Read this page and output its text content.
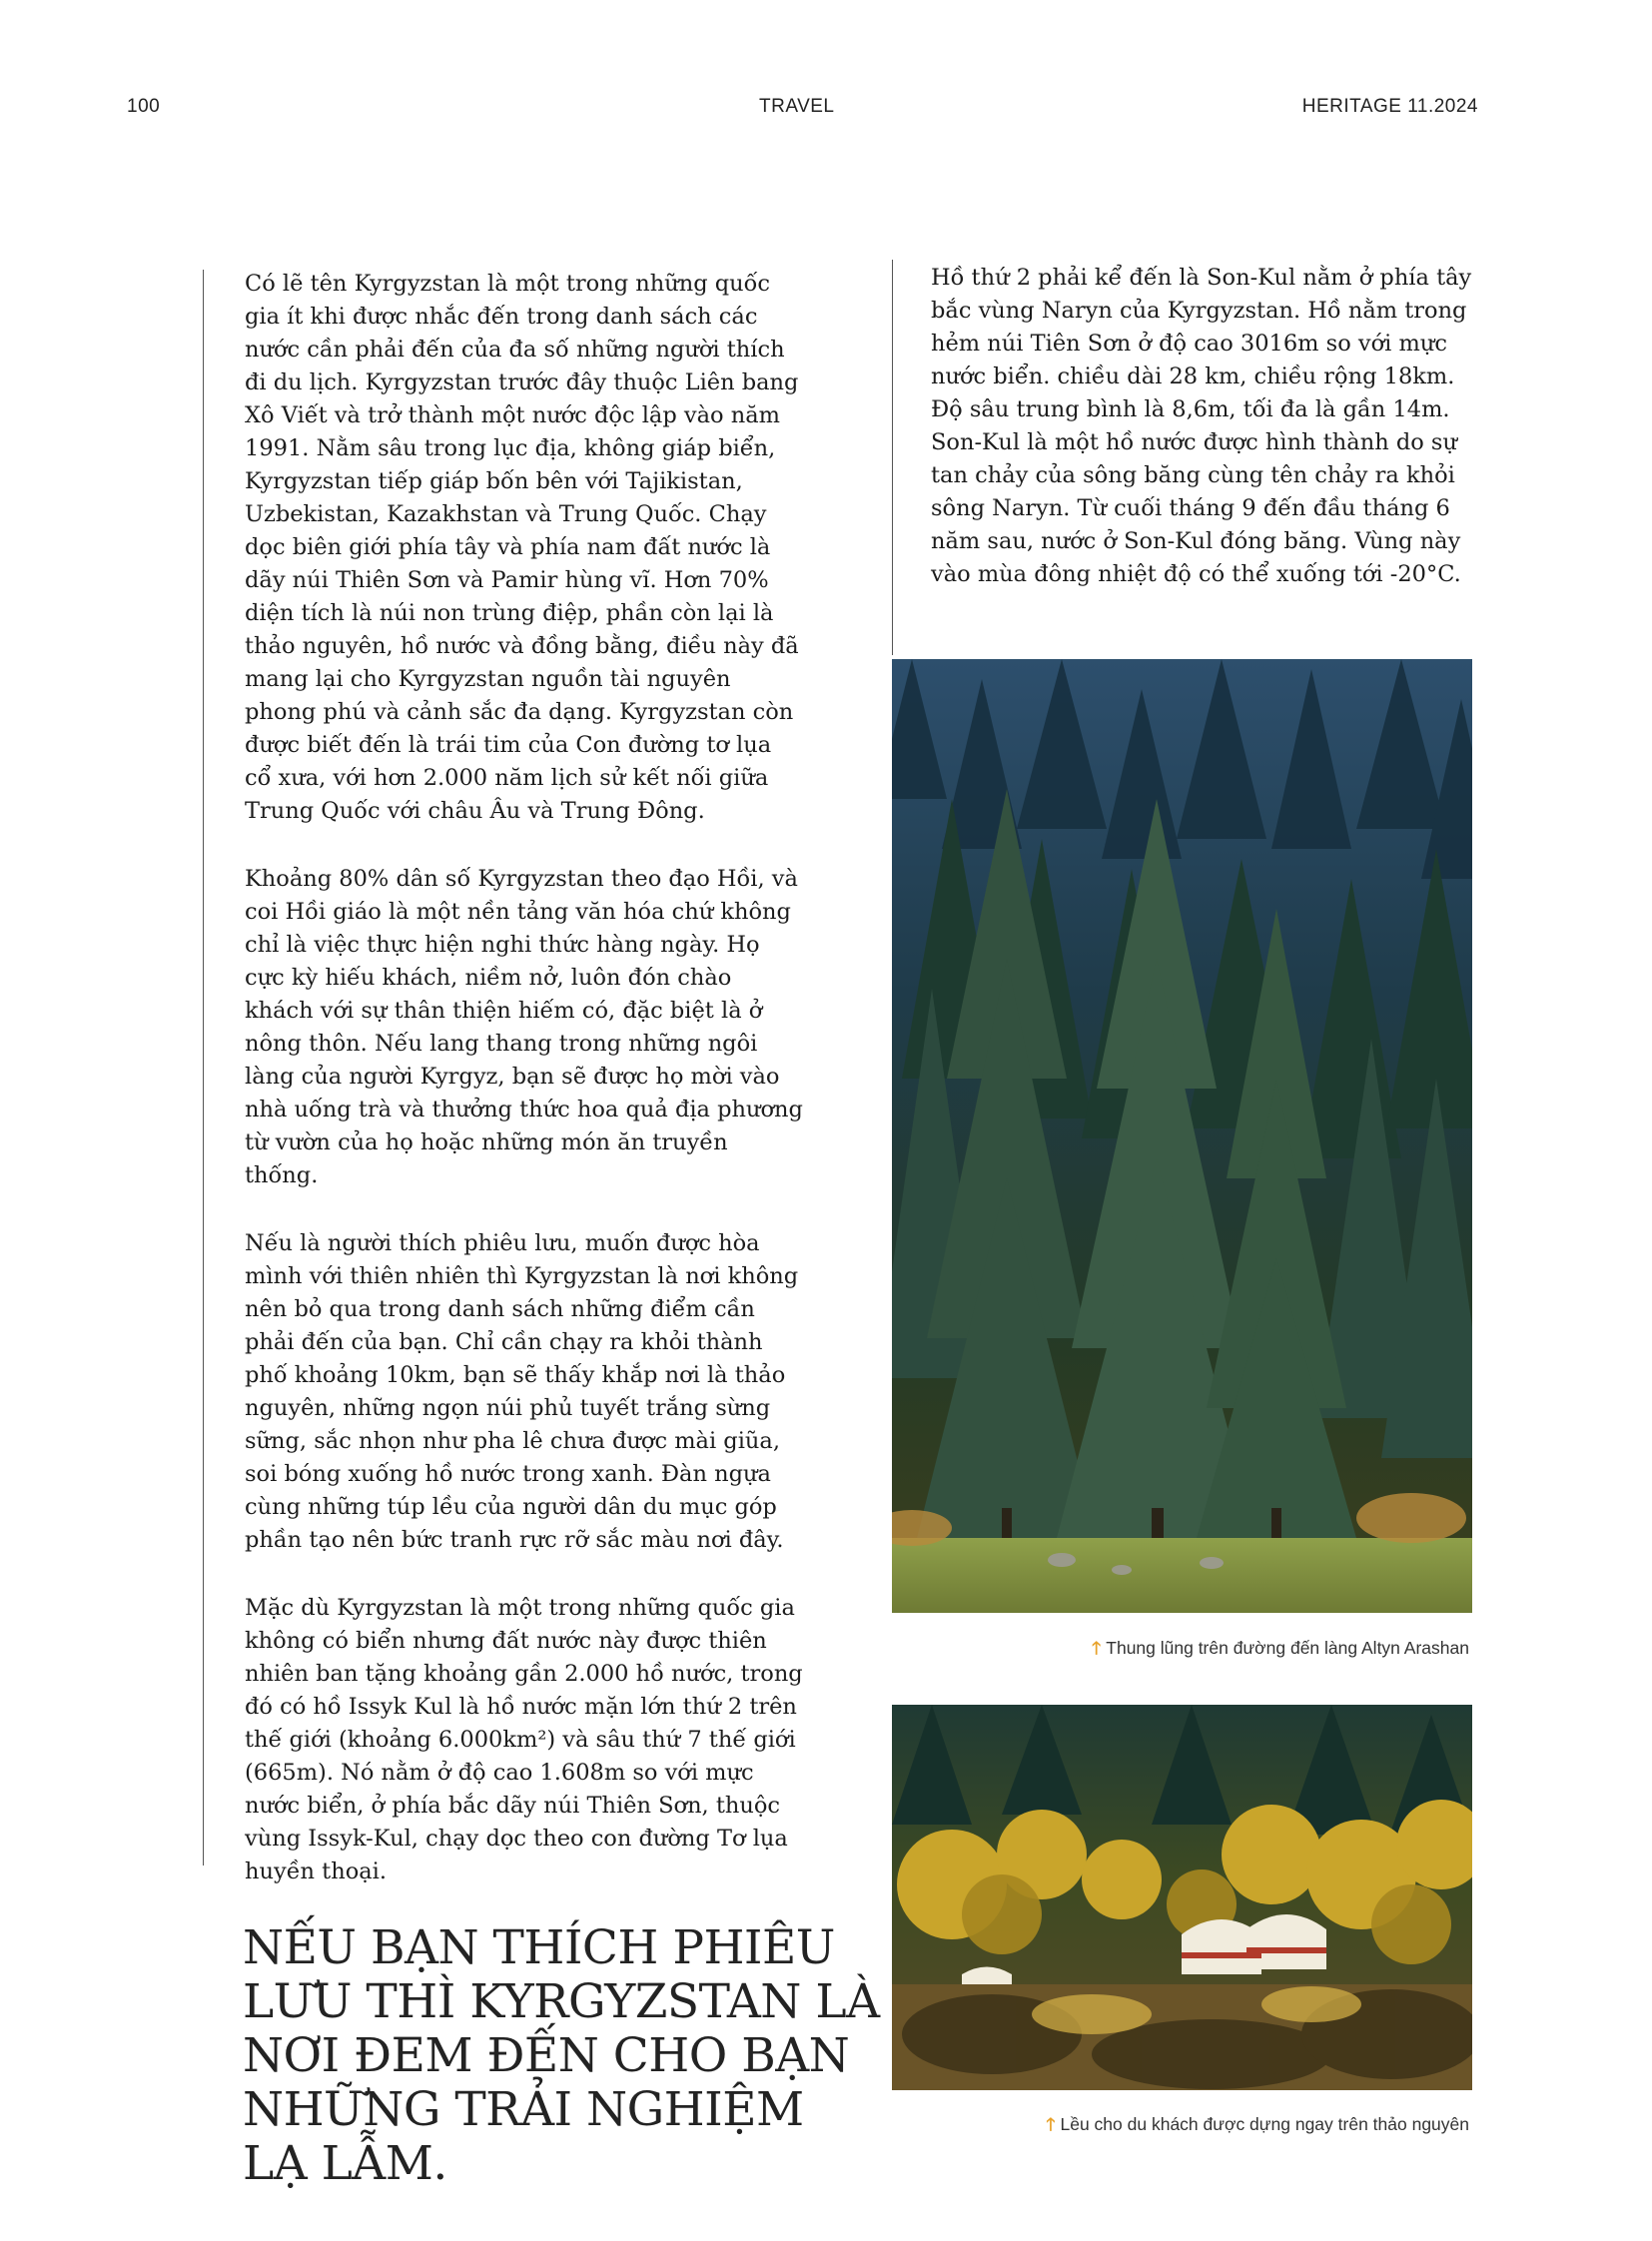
100	TRAVEL	HERITAGE 11.2024

Có lẽ tên Kyrgyzstan là một trong những quốc gia ít khi được nhắc đến trong danh sách các nước cần phải đến của đa số những người thích đi du lịch. Kyrgyzstan trước đây thuộc Liên bang Xô Viết và trở thành một nước độc lập vào năm 1991. Nằm sâu trong lục địa, không giáp biển, Kyrgyzstan tiếp giáp bốn bên với Tajikistan, Uzbekistan, Kazakhstan và Trung Quốc. Chạy dọc biên giới phía tây và phía nam đất nước là dãy núi Thiên Sơn và Pamir hùng vĩ. Hơn 70% diện tích là núi non trùng điệp, phần còn lại là thảo nguyên, hồ nước và đồng bằng, điều này đã mang lại cho Kyrgyzstan nguồn tài nguyên phong phú và cảnh sắc đa dạng. Kyrgyzstan còn được biết đến là trái tim của Con đường tơ lụa cổ xưa, với hơn 2.000 năm lịch sử kết nối giữa Trung Quốc với châu Âu và Trung Đông.

Khoảng 80% dân số Kyrgyzstan theo đạo Hồi, và coi Hồi giáo là một nền tảng văn hóa chứ không chỉ là việc thực hiện nghi thức hàng ngày. Họ cực kỳ hiếu khách, niềm nở, luôn đón chào khách với sự thân thiện hiếm có, đặc biệt là ở nông thôn. Nếu lang thang trong những ngôi làng của người Kyrgyz, bạn sẽ được họ mời vào nhà uống trà và thưởng thức hoa quả địa phương từ vườn của họ hoặc những món ăn truyền thống.

Nếu là người thích phiêu lưu, muốn được hòa mình với thiên nhiên thì Kyrgyzstan là nơi không nên bỏ qua trong danh sách những điểm cần phải đến của bạn. Chỉ cần chạy ra khỏi thành phố khoảng 10km, bạn sẽ thấy khắp nơi là thảo nguyên, những ngọn núi phủ tuyết trắng sừng sững, sắc nhọn như pha lê chưa được mài giũa, soi bóng xuống hồ nước trong xanh. Đàn ngựa cùng những túp lều của người dân du mục góp phần tạo nên bức tranh rực rỡ sắc màu nơi đây.

Mặc dù Kyrgyzstan là một trong những quốc gia không có biển nhưng đất nước này được thiên nhiên ban tặng khoảng gần 2.000 hồ nước, trong đó có hồ Issyk Kul là hồ nước mặn lớn thứ 2 trên thế giới (khoảng 6.000km²) và sâu thứ 7 thế giới (665m). Nó nằm ở độ cao 1.608m so với mực nước biển, ở phía bắc dãy núi Thiên Sơn, thuộc vùng Issyk-Kul, chạy dọc theo con đường Tơ lụa huyền thoại.

NẾU BẠN THÍCH PHIÊU LƯU THÌ KYRGYZSTAN LÀ NƠI ĐEM ĐẾN CHO BẠN NHỮNG TRẢI NGHIỆM LẠ LẪM.

Hồ thứ 2 phải kể đến là Son-Kul nằm ở phía tây bắc vùng Naryn của Kyrgyzstan. Hồ nằm trong hẻm núi Tiên Sơn ở độ cao 3016m so với mực nước biển. chiều dài 28 km, chiều rộng 18km. Độ sâu trung bình là 8,6m, tối đa là gần 14m. Son-Kul là một hồ nước được hình thành do sự tan chảy của sông băng cùng tên chảy ra khỏi sông Naryn. Từ cuối tháng 9 đến đầu tháng 6 năm sau, nước ở Son-Kul đóng băng. Vùng này vào mùa đông nhiệt độ có thể xuống tới -20°C.

🡑 Thung lũng trên đường đến làng Altyn Arashan
🡑 Lều cho du khách được dựng ngay trên thảo nguyên
